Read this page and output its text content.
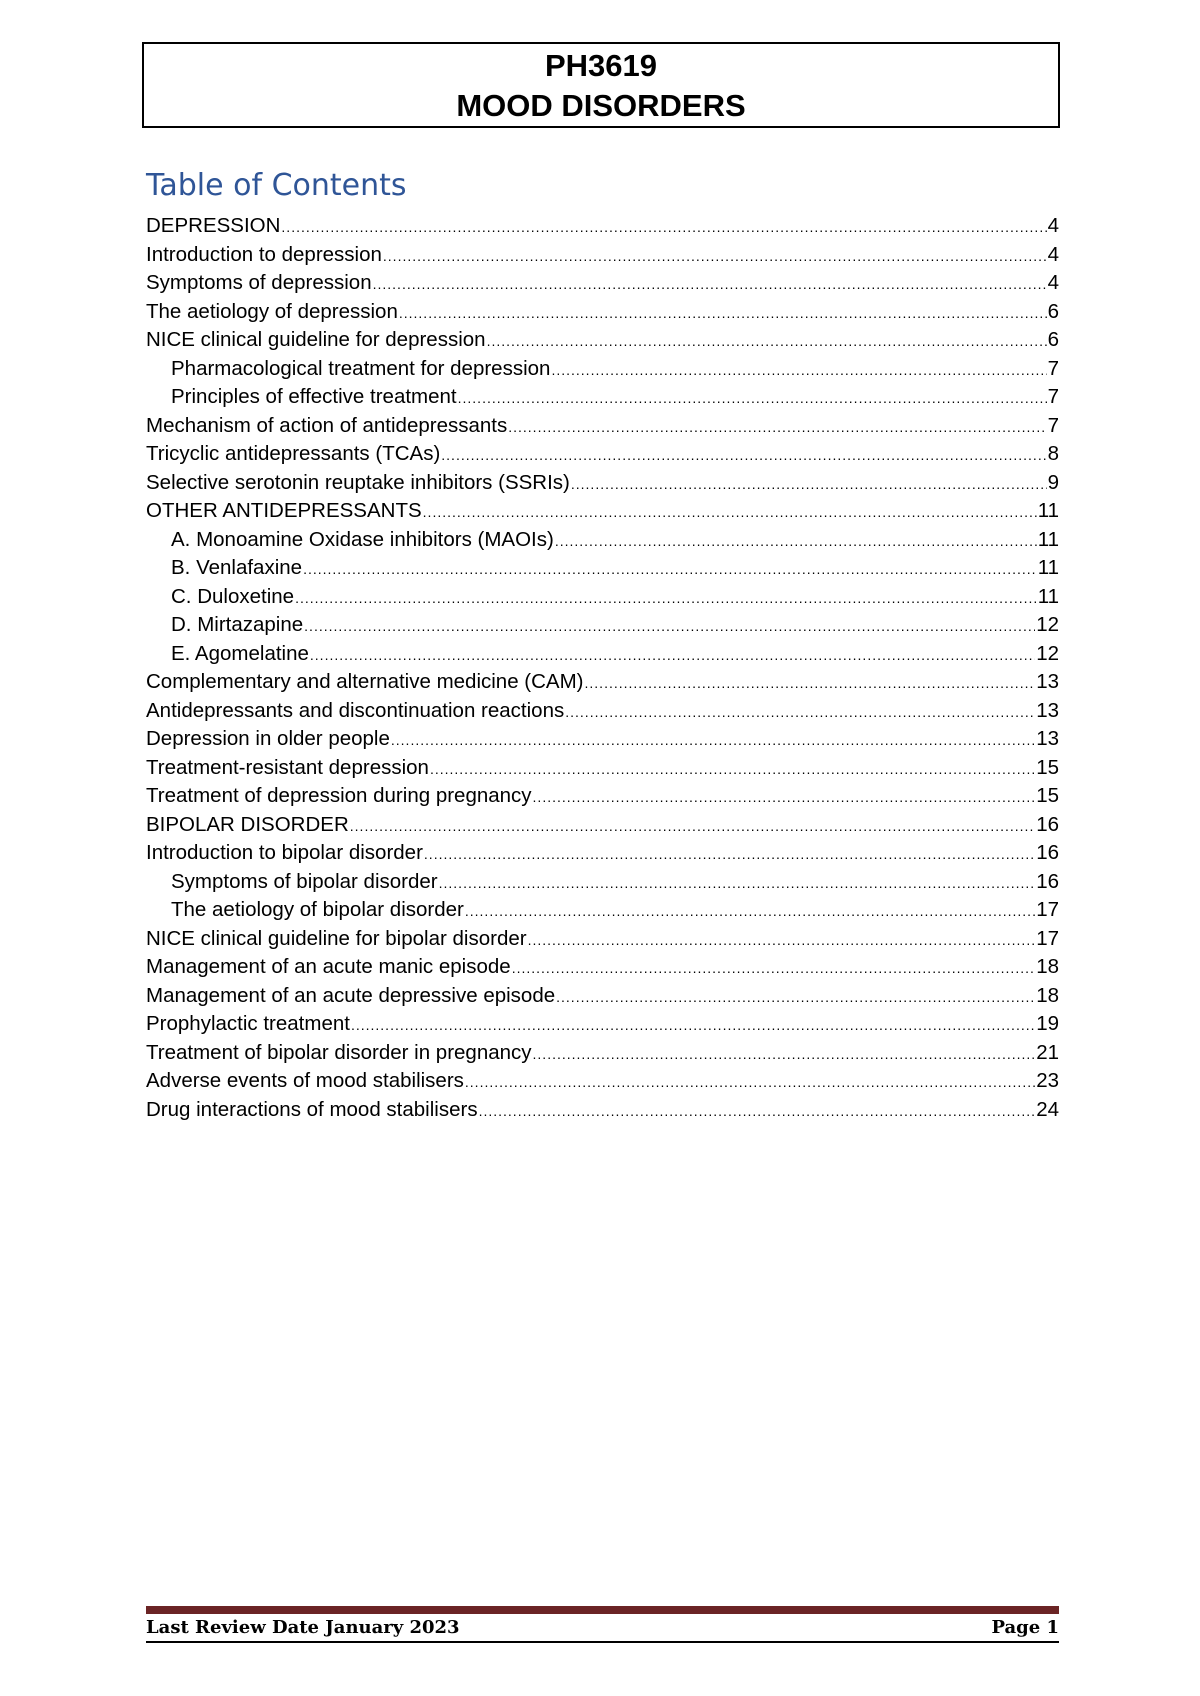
PH3619
MOOD DISORDERS
Table of Contents
DEPRESSION .....	4
Introduction to depression .....	4
Symptoms of depression .....	4
The aetiology of depression .....	6
NICE clinical guideline for depression .....	6
Pharmacological treatment for depression .....	7
Principles of effective treatment .....	7
Mechanism of action of antidepressants .....	7
Tricyclic antidepressants (TCAs) .....	8
Selective serotonin reuptake inhibitors (SSRIs) .....	9
OTHER ANTIDEPRESSANTS .....	11
A. Monoamine Oxidase inhibitors (MAOIs) .....	11
B. Venlafaxine .....	11
C. Duloxetine .....	11
D. Mirtazapine .....	12
E. Agomelatine .....	12
Complementary and alternative medicine (CAM) .....	13
Antidepressants and discontinuation reactions .....	13
Depression in older people .....	13
Treatment-resistant depression .....	15
Treatment of depression during pregnancy .....	15
BIPOLAR DISORDER .....	16
Introduction to bipolar disorder .....	16
Symptoms of bipolar disorder .....	16
The aetiology of bipolar disorder .....	17
NICE clinical guideline for bipolar disorder .....	17
Management of an acute manic episode .....	18
Management of an acute depressive episode .....	18
Prophylactic treatment .....	19
Treatment of bipolar disorder in pregnancy .....	21
Adverse events of mood stabilisers .....	23
Drug interactions of mood stabilisers .....	24
Last Review Date January 2023	Page 1
